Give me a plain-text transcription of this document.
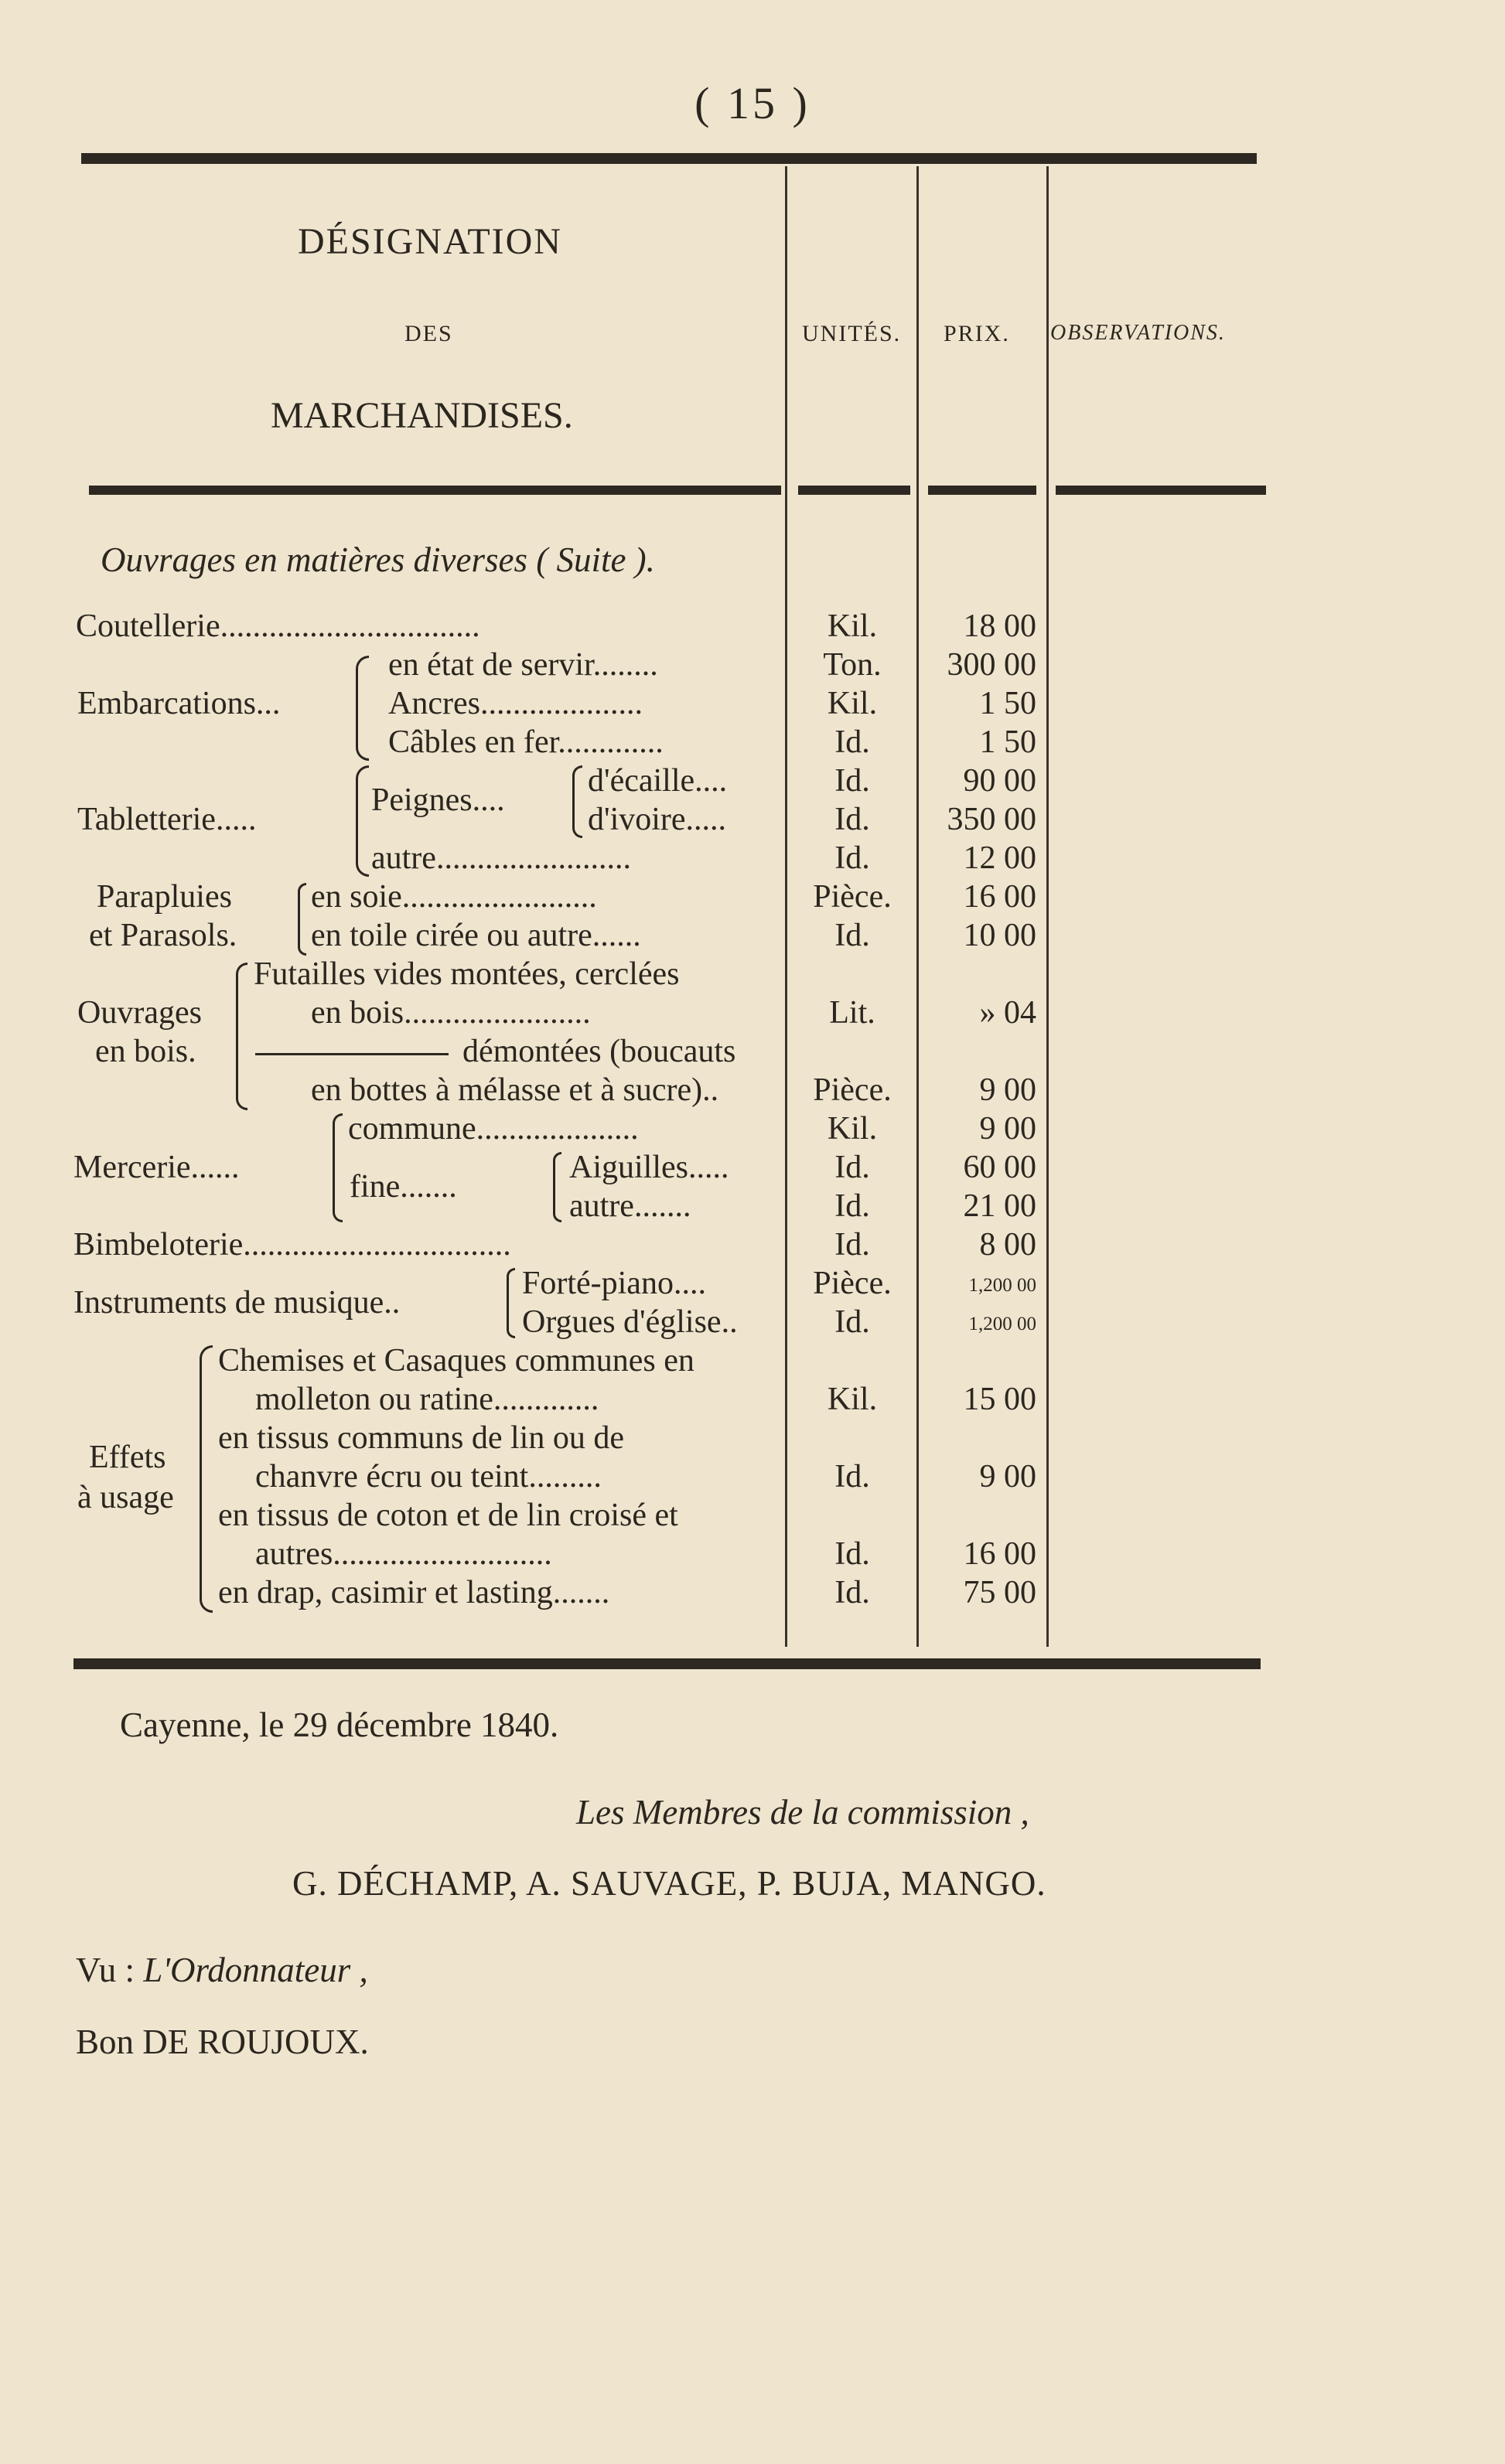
( 15 )
DÉSIGNATION
DES
MARCHANDISES.
UNITÉS. PRIX. OBSERVATIONS.
Ouvrages en matières diverses ( Suite ).
Coutellerie................................	Kil.	18 00
Embarcations...
en état de servir........	Ton.	300 00
Ancres....................	Kil.	1 50
Câbles en fer.............	Id.	1 50
Tabletterie.....
Peignes....
d'écaille....	Id.	90 00
d'ivoire.....	Id.	350 00
autre........................	Id.	12 00
Parapluies
et Parasols.
en soie........................	Pièce.	16 00
en toile cirée ou autre......	Id.	10 00
Ouvrages
en bois.
Futailles vides montées, cerclées
en bois.......................	Lit.	» 04
démontées (boucauts
en bottes à mélasse et à sucre)..	Pièce.	9 00
Mercerie......
commune....................	Kil.	9 00
fine.......
Aiguilles.....	Id.	60 00
autre.......	Id.	21 00
Bimbeloterie.................................	Id.	8 00
Instruments de musique..
Forté-piano....	Pièce.	1,200 00
Orgues d'église..	Id.	1,200 00
Effets
à usage
Chemises et Casaques communes en
molleton ou ratine.............	Kil.	15 00
en tissus communs de lin ou de
chanvre écru ou teint.........	Id.	9 00
en tissus de coton et de lin croisé et
autres...........................	Id.	16 00
en drap, casimir et lasting.......	Id.	75 00
Cayenne, le 29 décembre 1840.
Les Membres de la commission ,
G. DÉCHAMP, A. SAUVAGE, P. BUJA, MANGO.
Vu : L'Ordonnateur ,
Bon DE ROUJOUX.
